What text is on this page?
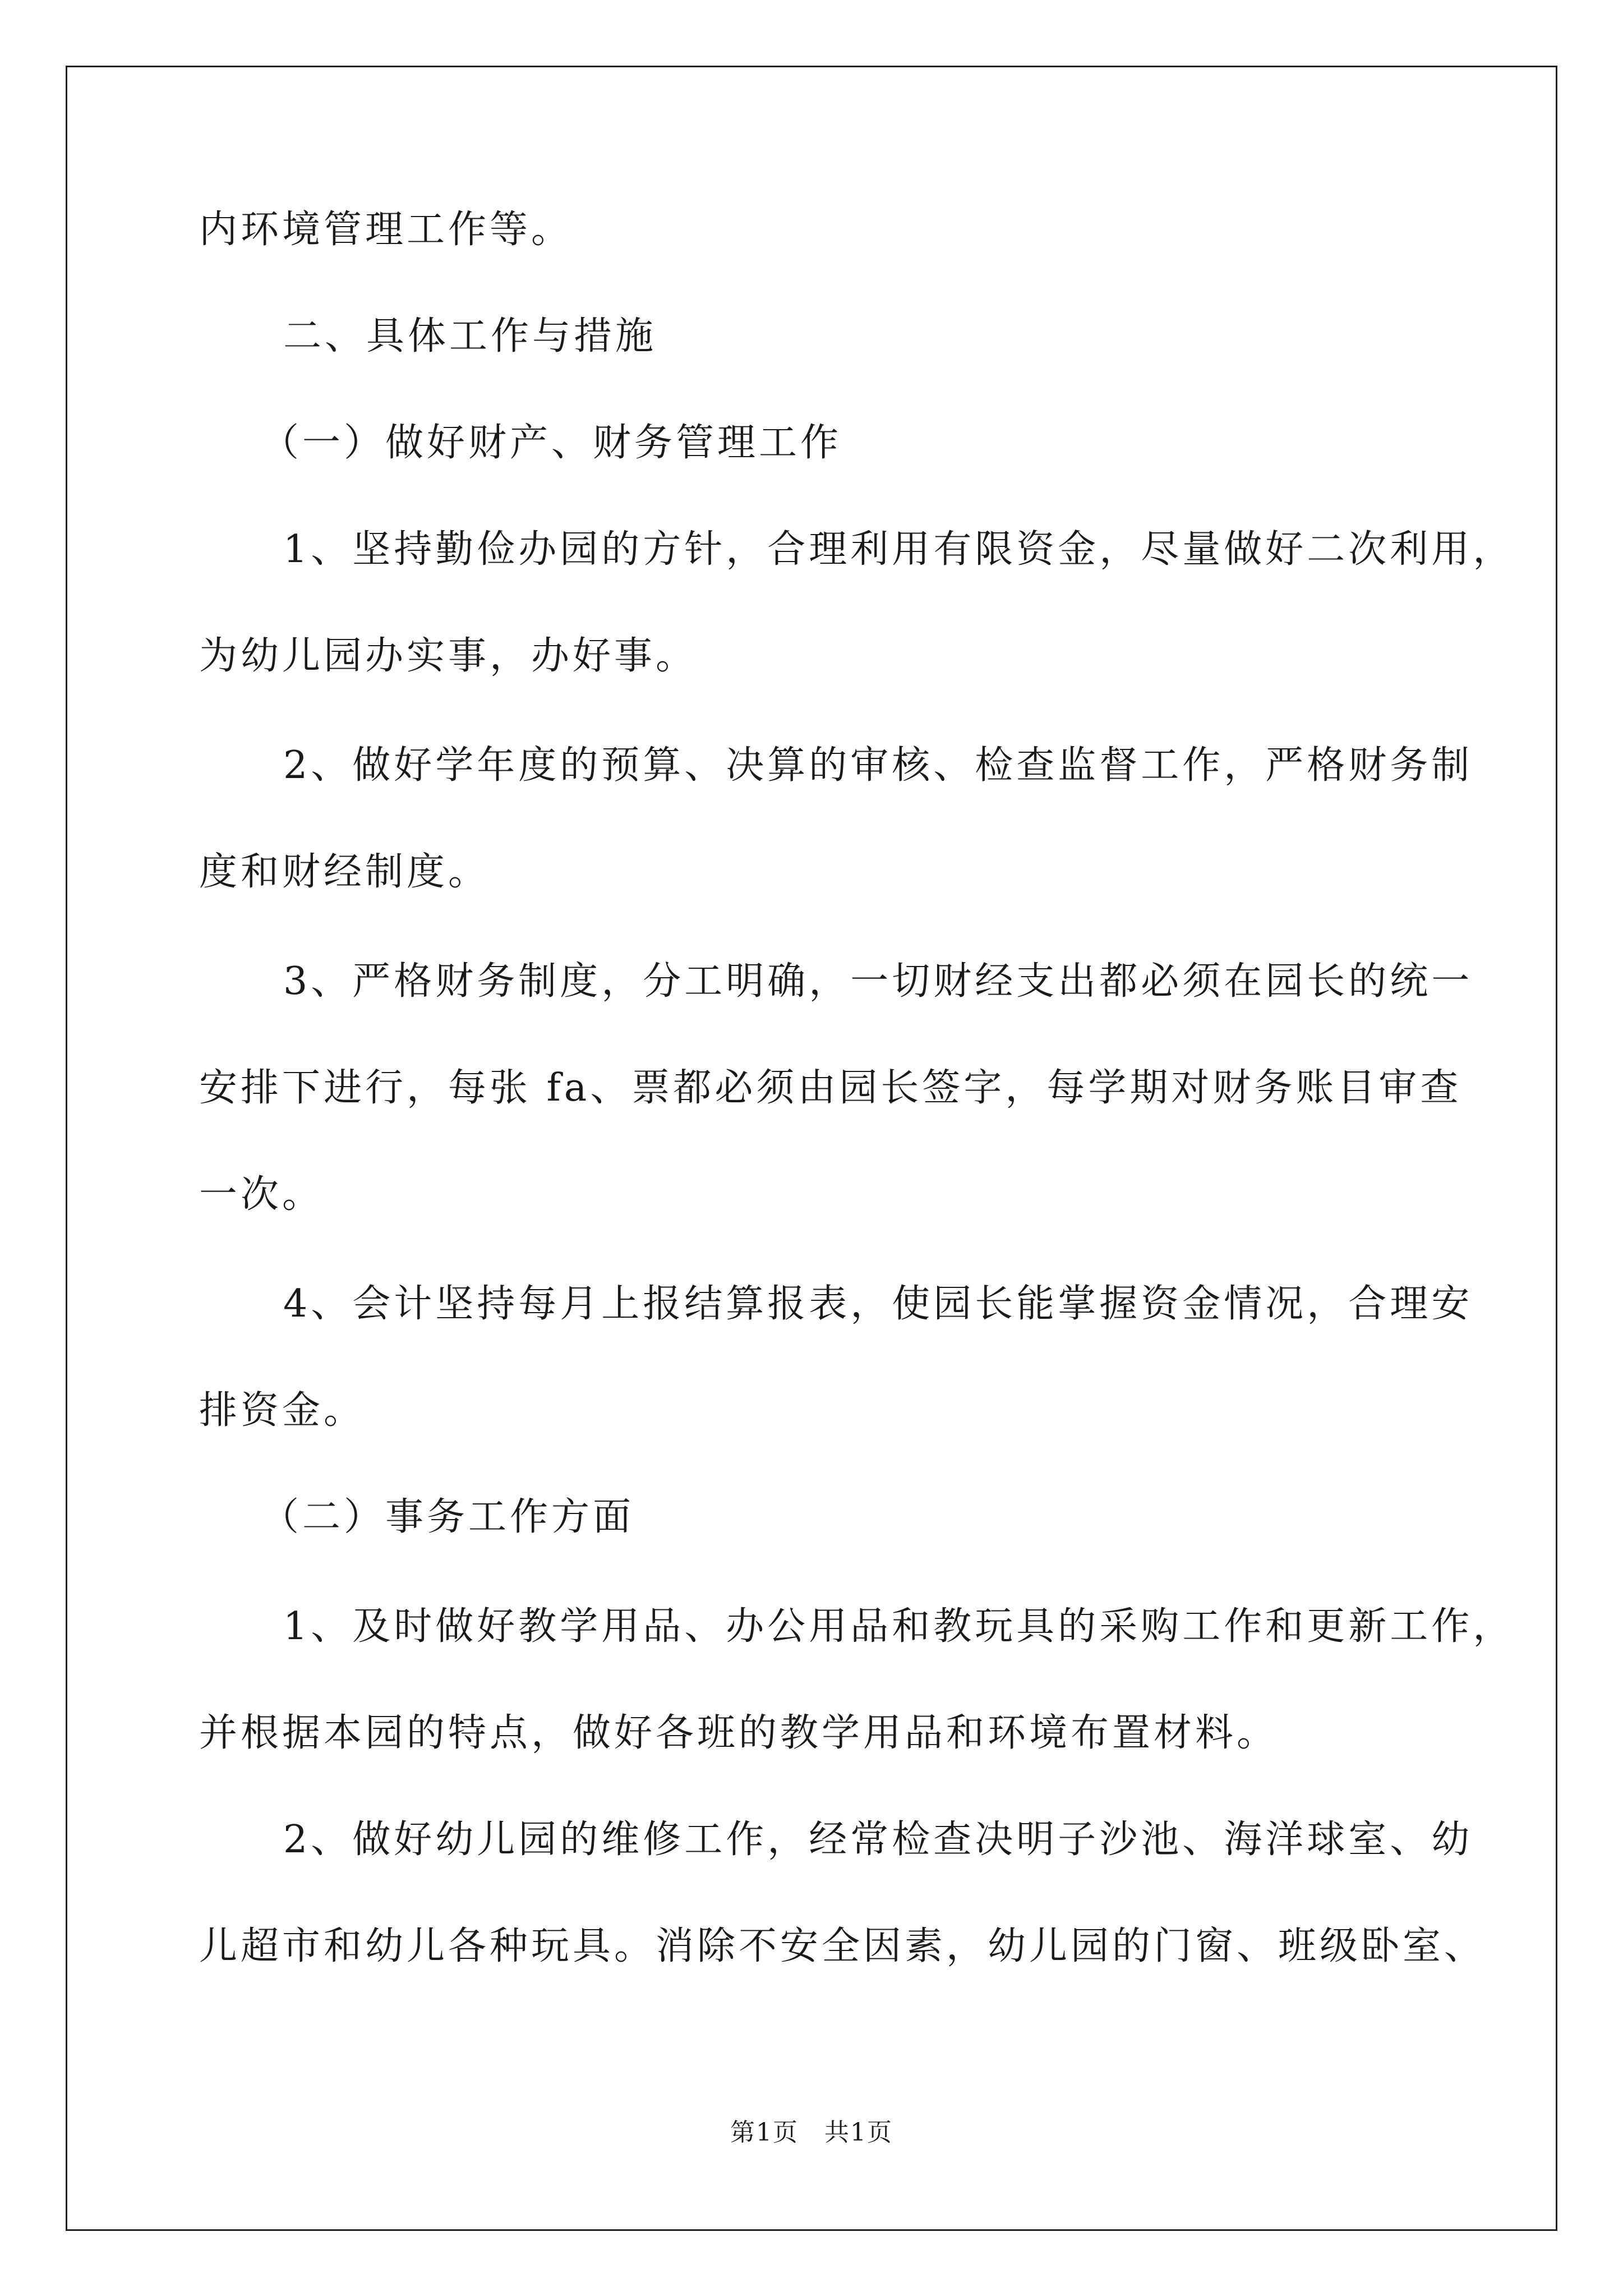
内环境管理工作等。
二、具体工作与措施
（一）做好财产、财务管理工作
1、坚持勤俭办园的方针，合理利用有限资金，尽量做好二次利用，
为幼儿园办实事，办好事。
2、做好学年度的预算、决算的审核、检查监督工作，严格财务制
度和财经制度。
3、严格财务制度，分工明确，一切财经支出都必须在园长的统一
安排下进行，每张 fa、票都必须由园长签字，每学期对财务账目审查
一次。
4、会计坚持每月上报结算报表，使园长能掌握资金情况，合理安
排资金。
（二）事务工作方面
1、及时做好教学用品、办公用品和教玩具的采购工作和更新工作，
并根据本园的特点，做好各班的教学用品和环境布置材料。
2、做好幼儿园的维修工作，经常检查决明子沙池、海洋球室、幼
儿超市和幼儿各种玩具。消除不安全因素，幼儿园的门窗、班级卧室、
第1页　共1页
